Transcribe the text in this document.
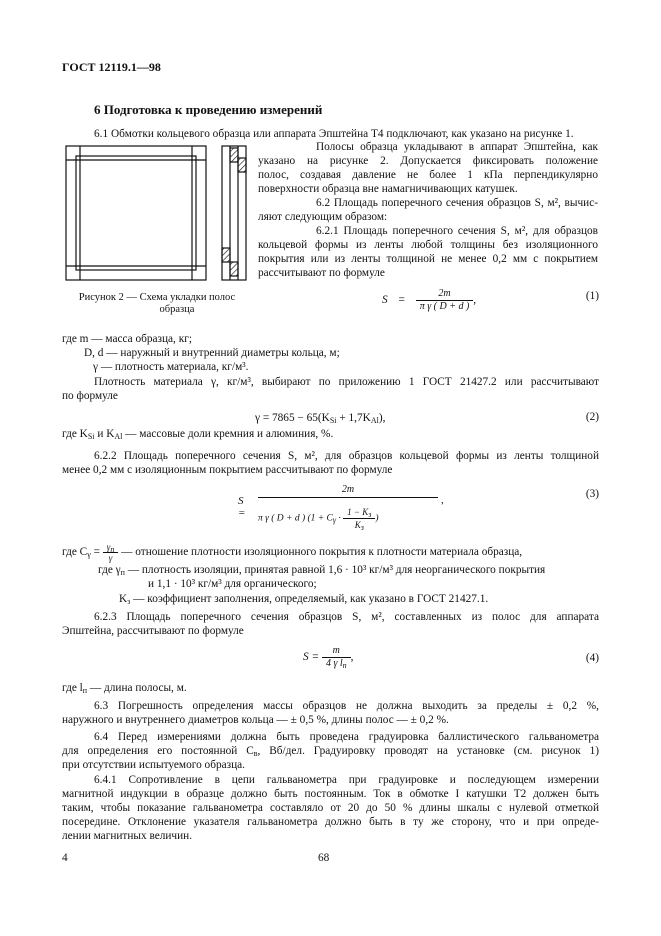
ГОСТ 12119.1—98
6 Подготовка к проведению измерений
6.1 Обмотки кольцевого образца или аппарата Эпштейна T4 подключают, как указано на рисунке 1.
Рисунок 2 — Схема укладки полос
образца

Полосы образца укладывают в аппарат Эпштейна, как

указано на рисунке 2. Допускается фиксировать положение

полос, создавая давление не более 1 кПа перпендикулярно

поверхности образца вне намагничивающих катушек.

6.2 Площадь поперечного сечения образцов S, м², вычис-

ляют следующим образом:

6.2.1 Площадь поперечного сечения S, м², для образцов

кольцевой формы из ленты любой толщины без изоляционного

покрытия или из ленты толщиной не менее 0,2 мм с покрытием

рассчитывают по формуле

$S = \frac{2m}{\text{π γ ( D + d )}}$ ,	(1)

где m — масса образца, кг;

D, d — наружный и внутренний диаметры кольца, м;

γ — плотность материала, кг/м³.

Плотность материала γ, кг/м³, выбирают по приложению 1 ГОСТ 21427.2 или рассчитывают

по формуле

$\gamma = 7865 - 65(K_{Si} + 1,7K_{Al})$,	(2)
где $K_{Si}$ и $K_{Al}$ — массовые доли кремния и алюминия, %.

6.2.2 Площадь поперечного сечения S, м², для образцов кольцевой формы из ленты толщиной

менее 0,2 мм с изоляционным покрытием рассчитывают по формуле

S =
2m
π γ ( D + d ) ($1 + C_\gamma \cdot \frac{1 - K_з}{K_з}$ )
,	(3)
где $C_\gamma = \frac{\gamma_п}{\gamma}$ — отношение плотности изоляционного покрытия к плотности материала образца,
где $\gamma_п$ — плотность изоляции, принятая равной 1,6 · 10³ кг/м³ для неорганического покрытия
и 1,1 · 10³ кг/м³ для органического;
$K_з$ — коэффициент заполнения, определяемый, как указано в ГОСТ 21427.1.

6.2.3 Площадь поперечного сечения образцов S, м², составленных из полос для аппарата

Эпштейна, рассчитывают по формуле

$S = \frac{m}{4 \gamma l_п}$ ,	(4)
где $l_п$ — длина полосы, м.

6.3 Погрешность определения массы образцов не должна выходить за пределы ± 0,2 %,

наружного и внутреннего диаметров кольца — ± 0,5 %, длины полос — ± 0,2 %.

6.4 Перед измерениями должна быть проведена градуировка баллистического гальванометра

для определения его постоянной $C_в$, Вб/дел. Градуировку проводят на установке (см. рисунок 1)

при отсутствии испытуемого образца.

6.4.1 Сопротивление в цепи гальванометра при градуировке и последующем измерении

магнитной индукции в образце должно быть постоянным. Ток в обмотке I катушки T2 должен быть

таким, чтобы показание гальванометра составляло от 20 до 50 % длины шкалы с нулевой отметкой

посередине. Отклонение указателя гальванометра должно быть в ту же сторону, что и при опреде-

лении магнитных величин.

4	68
